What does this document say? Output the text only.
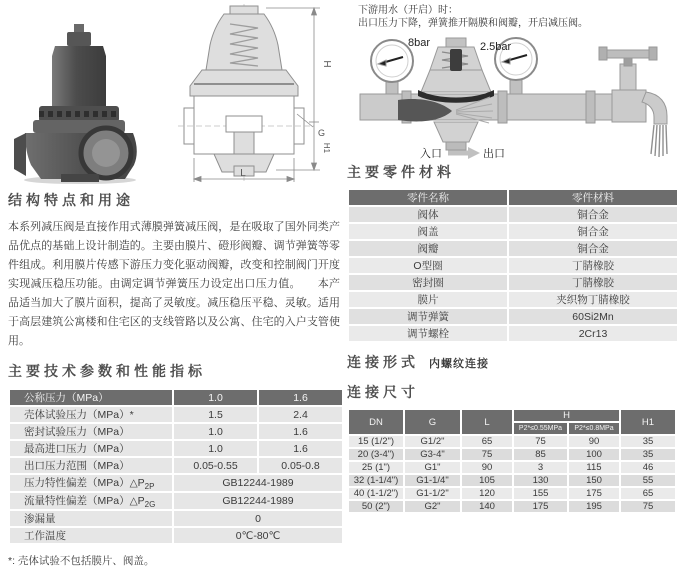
H
G
H1
L
下游用水（开启）时：
出口压力下降，弹簧推开隔膜和阀瓣，开启减压阀。
8bar	2.5bar
入口	出口
结构特点和用途

本系列减压阀是直接作用式薄膜弹簧减压阀，是在吸取了国外同类产品优点的基础上设计制造的。主要由膜片、磴形阀瓣、调节弹簧等零件组成。利用膜片传感下游压力变化驱动阀瓣，改变和控制阀门开度实现减压稳压功能。由调定调节弹簧压力设定出口压力值。　　本产品适当加大了膜片面积，提高了灵敏度。减压稳压平稳、灵敏。适用于高层建筑公寓楼和住宅区的支线管路以及公寓、住宅的入户支管使用。

主要技术参数和性能指标
公称压力（MPa）	1.0	1.6
壳体试验压力（MPa）*	1.5	2.4
密封试验压力（MPa）	1.0	1.6
最高进口压力（MPa）	1.0	1.6
出口压力范围（MPa）	0.05-0.55	0.05-0.8
压力特性偏差$(MPa)\triangle P_{2P}$	GB12244-1989	
流量特性偏差$(MPa)\triangle P_{2G}$	GB12244-1989	
渗漏量	0	
工作温度	0℃-80℃	
*: 壳体试验不包括膜片、阀盖。
主要零件材料
零件名称	零件材料
阀体	铜合金
阀盖	铜合金
阀瓣	铜合金
O型圈	丁腈橡胶
密封圈	丁腈橡胶
膜片	夹织物丁腈橡胶
调节弹簧	60Si2Mn
调节螺栓	2Cr13
连接形式 内螺纹连接
连接尺寸
DN	G	L	H		H1
			P2*≤0.55MPa	P2*≤0.8MPa	
15 (1/2")	G1/2"	65	75	90	35
20 (3-4")	G3-4"	75	85	100	35
25 (1")	G1"	90	3	115	46
32 (1-1/4")	G1-1/4"	105	130	150	55
40 (1-1/2")	G1-1/2"	120	155	175	65
50 (2")	G2"	140	175	195	75
